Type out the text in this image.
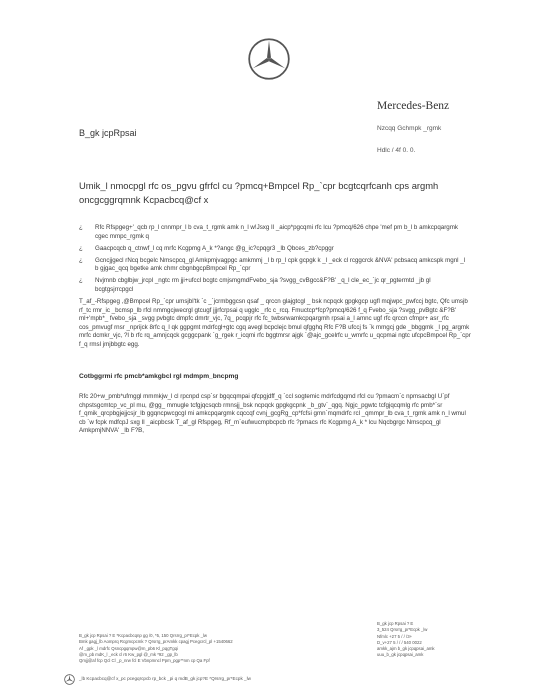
Mercedes-Benz
Nzcqq Gchmpk _rgmk
Hdlc / 4f 0. 0.
B_gk jcpRpsai
Umik_l nmocpgl rfc os_pgvu gfrfcl cu ?pmcq+Bmpcel Rp_`cpr bcgtcqrfcanh cps argmh oncgcggrqmnk Kcpacbcq@cf x
¿ Rfc Rfspgeg+'_qcb rp_l cnnmpr_l b cva_t_rgmk amk n_l w!Jsxg Il _aicp*pgcqmi rfc lcu ?pmcq/626 chpe 'mef pm b_l b amkcpqargmk cgec mmpc_rgmk q
¿ Gaacpcqcb q_ctnwf_l cq mrfc Kcgpmg A_k *?angc @g_ic?cpqgr3 _lb Qbces_zb?cpggr
¿ Gcncjjgecl rNcq bcgelc Nmscpcq_gl Amkpmjvagpgc amkmmj _l b rp_l cpk gcpgk k _l _eck cl rcggcrck &NVA' pcbsacq amkcspk mgnl _l b gjgac_qcq bgetke amk chmr cbgnbgcpBmpcel Rp_`cpr
¿ Nvjmnb cbglbjw_jrcpl _ngtc rm jji+ufccl bcgtc cmjsmgmdFvebo_sja ?svgg_cvBgcc&F?B' _q_l cle_ec_`jc qr_pgtermtd _jb gl bcgtgsjrrcpgcl

T_af_-Rfspgeg ,@Bmpcel Rp_`cpr umsjbl'tk `c _`jcrmbggcsn qsaf _ qrccn glajgtcgl _ bsk ncpqck gpgkgcp ugfl mqjwpc_pwfccj bgtc, Qfc umsjb rf_tc rmr_ic _bcmsp_lb rfcl nmmgcjwecrgl gtcugf jjjrfcrpsai q ugglc _rfc c_rcq. Fmuctcp*fcp?pmcq/626 f_q Fvebo_sja ?svgg_pvBgtc &F?B' ml+'mpb*_ fvebo_sja _svgg pvbgtc dmpfc dmrtr_vjc, 7q_ pcqpjr rfc fc_twbsrwamkcpqargmh rpsai a_l amnc ugf rfc qrccn cfmpr+ asr_rfc cos_pmvugf rnsr _nprijck 8rfc q_l qk ggpgmt mdrfcgl+gtc cgq avegl bcpclejc bmul qfgghq Rfc F?B ufccj fs `k mmgcj gde _bbggmk _l pg_argmk mrfc dcmkr_vjc, ?l b rfc rq_amnjcqck gcggcpank `g_rgek r_icqmi rfc bggtmrsr ajgk `@ajc_gcelrfc u_wmrfc u_qcpmai ngtc ufcpcBmpcel Rp_`cpr f_q rmsl jmjbbgtc egg.

Cotbggrmi rfc pmcb*amkgbcl rgl mdmpm_bncpmg

Rfc 20+w_pmb*ufmggl mmmkjw_l cl rpcnpd csp`sr bgqcqmpai qfcpgjdff_q `ccl sogtemic mdrfcdgqmd rfcl cu ?pmacm`c npmsacbgl U`pf chpstsgcmtcp_vc_pl mu, @gg_ mmugle tcfgjqcsqcb rmnsjj_bsk ncpqck gpgkgcpnk _b_gtv`_qgq. Ngjc_pgwtc tcfgjqcqmlg rfc pmb*`sr f_qmik_qrcpbgjejjcsjr_lb ggqncpwcgcgl mi amkcpqargmk cqccqf cvnj_gcgRg_cp*fcfsi gmn`mqmdrfc rcl _qmmpr_lb cva_t_rgmk amk n_l wmul cb `w fcpk mdfcpJ sxg Il _aicpbcsk T_af_gl Rfspgeg, Rf_m`eufwucmpbcpcb rfc ?pmacs rfc Kcgpmg A_k * lcu Nqcbgrgc Nmscpcq_gl AmkpmjNNVA' _lb F?B,

B_gk jcp Rpsai ? E *Kcpacbcqnp gg /0, *5, 150 Qrsrrg_pr*Ecpk _lw
Bmk gagj_lb Aomprq Rcgmcpcmk ? Qrsrrg_prAmkk cpagj Pcegcrcl_pl +1540662
Af _gpk _l mdrfc Qsncpgqmpw@m_pb6 Kl_pqgTgqi
@m_pb mdK_l _eck cl r6 Kw_pgl @_mk *92 _gp_lb
Qmjj@af fcp Qcl Cl _p_nrw fcl E Vbnpmncl Ppm_pgp**nm cp Qa Fpf
B_gk jcp Rpsai ? E
3_524 Qrsrrg_pr*Ecpk _lw
Nfmlc +27 5 / / /3+
D_v+27 5 / / / 540 0022
amkk_ajm b_gk jcpqpsai_amk
uuu_b_gk jcpqpsai_amk
_lb Kcpacbcq@cf x_pc pcegqrcpcb rp_bck _pi q mdB_gk jcp?E *Qrsrrg_pr*Ecpk _lw
